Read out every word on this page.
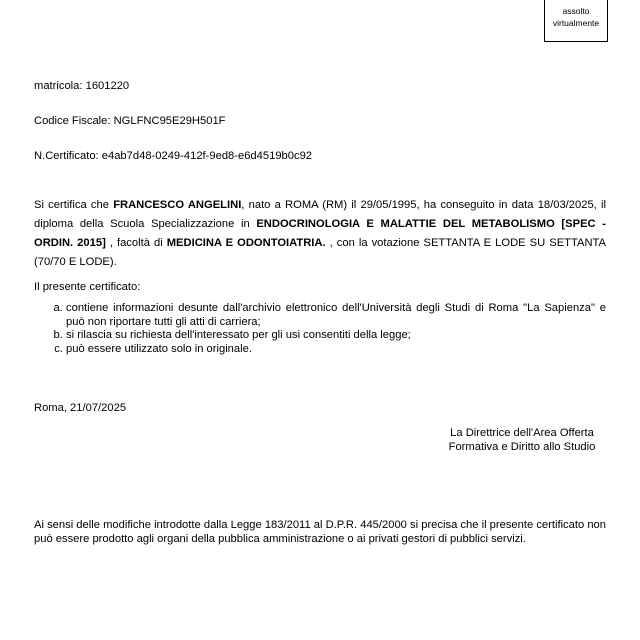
assolto
virtualmente
matricola: 1601220
Codice Fiscale: NGLFNC95E29H501F
N.Certificato: e4ab7d48-0249-412f-9ed8-e6d4519b0c92
Si certifica che FRANCESCO ANGELINI, nato a ROMA (RM) il 29/05/1995, ha conseguito in data 18/03/2025, il diploma della Scuola Specializzazione in ENDOCRINOLOGIA E MALATTIE DEL METABOLISMO [SPEC - ORDIN. 2015] , facoltà di MEDICINA E ODONTOIATRIA. , con la votazione SETTANTA E LODE SU SETTANTA (70/70 E LODE).
Il presente certificato:
a. contiene informazioni desunte dall'archivio elettronico dell'Università degli Studi di Roma "La Sapienza" e può non riportare tutti gli atti di carriera;
b. si rilascia su richiesta dell'interessato per gli usi consentiti della legge;
c. può essere utilizzato solo in originale.
Roma, 21/07/2025
La Direttrice dell'Area Offerta
Formativa e Diritto allo Studio
Ai sensi delle modifiche introdotte dalla Legge 183/2011 al D.P.R. 445/2000 si precisa che il presente certificato non può essere prodotto agli organi della pubblica amministrazione o ai privati gestori di pubblici servizi.
